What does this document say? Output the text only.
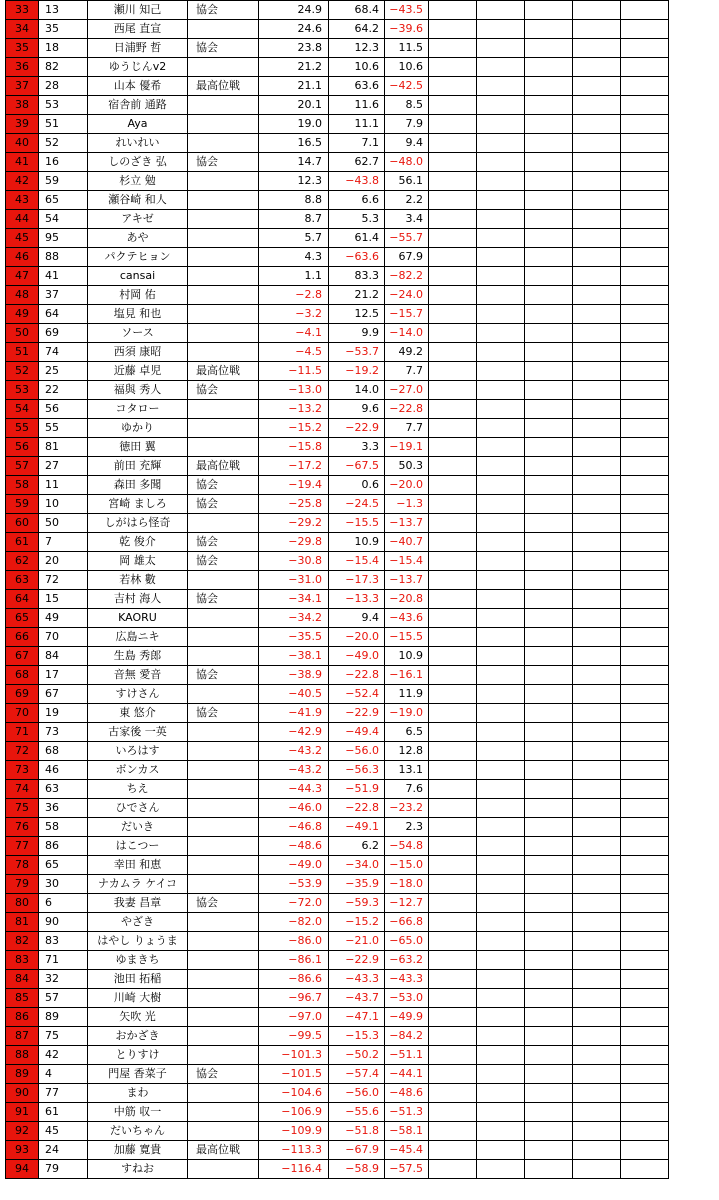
33	13	瀬川 知己	協会	24.9	68.4	−43.5					
34	35	西尾 直宣		24.6	64.2	−39.6					
35	18	日浦野 哲	協会	23.8	12.3	11.5					
36	82	ゆうじんv2		21.2	10.6	10.6					
37	28	山本 優希	最高位戦	21.1	63.6	−42.5					
38	53	宿舎前 通路		20.1	11.6	8.5					
39	51	Aya		19.0	11.1	7.9					
40	52	れいれい		16.5	7.1	9.4					
41	16	しのざき 弘	協会	14.7	62.7	−48.0					
42	59	杉立 勉		12.3	−43.8	56.1					
43	65	瀬谷崎 和人		8.8	6.6	2.2					
44	54	アキゼ		8.7	5.3	3.4					
45	95	あや		5.7	61.4	−55.7					
46	88	パクテヒョン		4.3	−63.6	67.9					
47	41	cansai		1.1	83.3	−82.2					
48	37	村岡 佑		−2.8	21.2	−24.0					
49	64	塩見 和也		−3.2	12.5	−15.7					
50	69	ソース		−4.1	9.9	−14.0					
51	74	西須 康昭		−4.5	−53.7	49.2					
52	25	近藤 卓児	最高位戦	−11.5	−19.2	7.7					
53	22	福與 秀人	協会	−13.0	14.0	−27.0					
54	56	コタロー		−13.2	9.6	−22.8					
55	55	ゆかり		−15.2	−22.9	7.7					
56	81	徳田 翼		−15.8	3.3	−19.1					
57	27	前田 充輝	最高位戦	−17.2	−67.5	50.3					
58	11	森田 多聞	協会	−19.4	0.6	−20.0					
59	10	宮崎 ましろ	協会	−25.8	−24.5	−1.3					
60	50	しがはら怪奇		−29.2	−15.5	−13.7					
61	7	乾 俊介	協会	−29.8	10.9	−40.7					
62	20	岡 雄太	協会	−30.8	−15.4	−15.4					
63	72	若林 數		−31.0	−17.3	−13.7					
64	15	吉村 海人	協会	−34.1	−13.3	−20.8					
65	49	KAORU		−34.2	9.4	−43.6					
66	70	広島ニキ		−35.5	−20.0	−15.5					
67	84	生島 秀郎		−38.1	−49.0	10.9					
68	17	音無 愛音	協会	−38.9	−22.8	−16.1					
69	67	すけさん		−40.5	−52.4	11.9					
70	19	東 悠介	協会	−41.9	−22.9	−19.0					
71	73	古家後 一英		−42.9	−49.4	6.5					
72	68	いろはす		−43.2	−56.0	12.8					
73	46	ボンカス		−43.2	−56.3	13.1					
74	63	ちえ		−44.3	−51.9	7.6					
75	36	ひでさん		−46.0	−22.8	−23.2					
76	58	だいき		−46.8	−49.1	2.3					
77	86	はこつー		−48.6	6.2	−54.8					
78	65	幸田 和恵		−49.0	−34.0	−15.0					
79	30	ナカムラ ケイコ		−53.9	−35.9	−18.0					
80	6	我妻 昌章	協会	−72.0	−59.3	−12.7					
81	90	やざき		−82.0	−15.2	−66.8					
82	83	はやし りょうま		−86.0	−21.0	−65.0					
83	71	ゆまきち		−86.1	−22.9	−63.2					
84	32	池田 拓稲		−86.6	−43.3	−43.3					
85	57	川崎 大樹		−96.7	−43.7	−53.0					
86	89	矢吹 光		−97.0	−47.1	−49.9					
87	75	おかざき		−99.5	−15.3	−84.2					
88	42	とりすけ		−101.3	−50.2	−51.1					
89	4	門屋 香菜子	協会	−101.5	−57.4	−44.1					
90	77	まわ		−104.6	−56.0	−48.6					
91	61	中筋 収一		−106.9	−55.6	−51.3					
92	45	だいちゃん		−109.9	−51.8	−58.1					
93	24	加藤 寛貴	最高位戦	−113.3	−67.9	−45.4					
94	79	すねお		−116.4	−58.9	−57.5					
